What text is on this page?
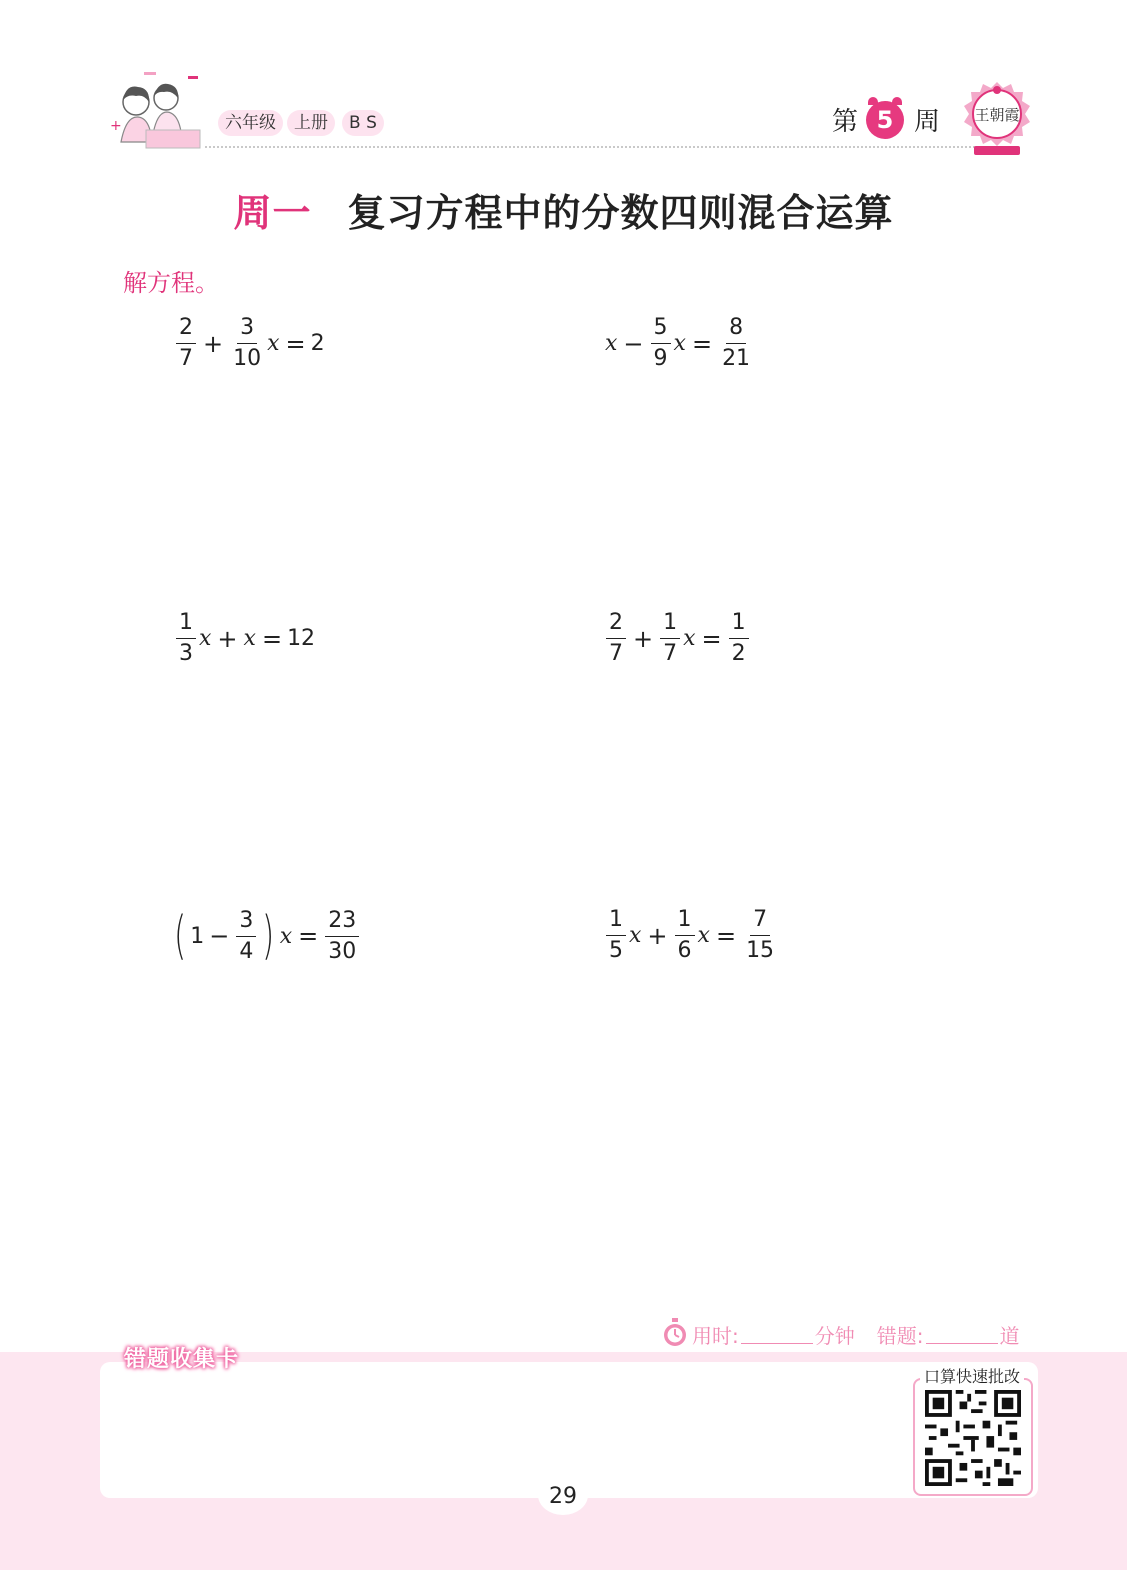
+	六年级	上册	B S	第 5 周 王朝霞
周一 复习方程中的分数四则混合运算
解方程。
$\frac{2}{7} + \frac{3}{10}$ x = 2	$x - \frac{5}{9}$ $x = \frac{8}{21}$
$\frac{1}{3}$ x + x = 12	$\frac{2}{7} + \frac{1}{7}$ $x = \frac{1}{2}$
( $1 - \frac{3}{4}$ ) $x = \frac{23}{30}$	$\frac{1}{5}$ $x + \frac{1}{6}$ $x = \frac{7}{15}$
用时:	分钟 错题:	道
错题收集卡
口算快速批改
29
